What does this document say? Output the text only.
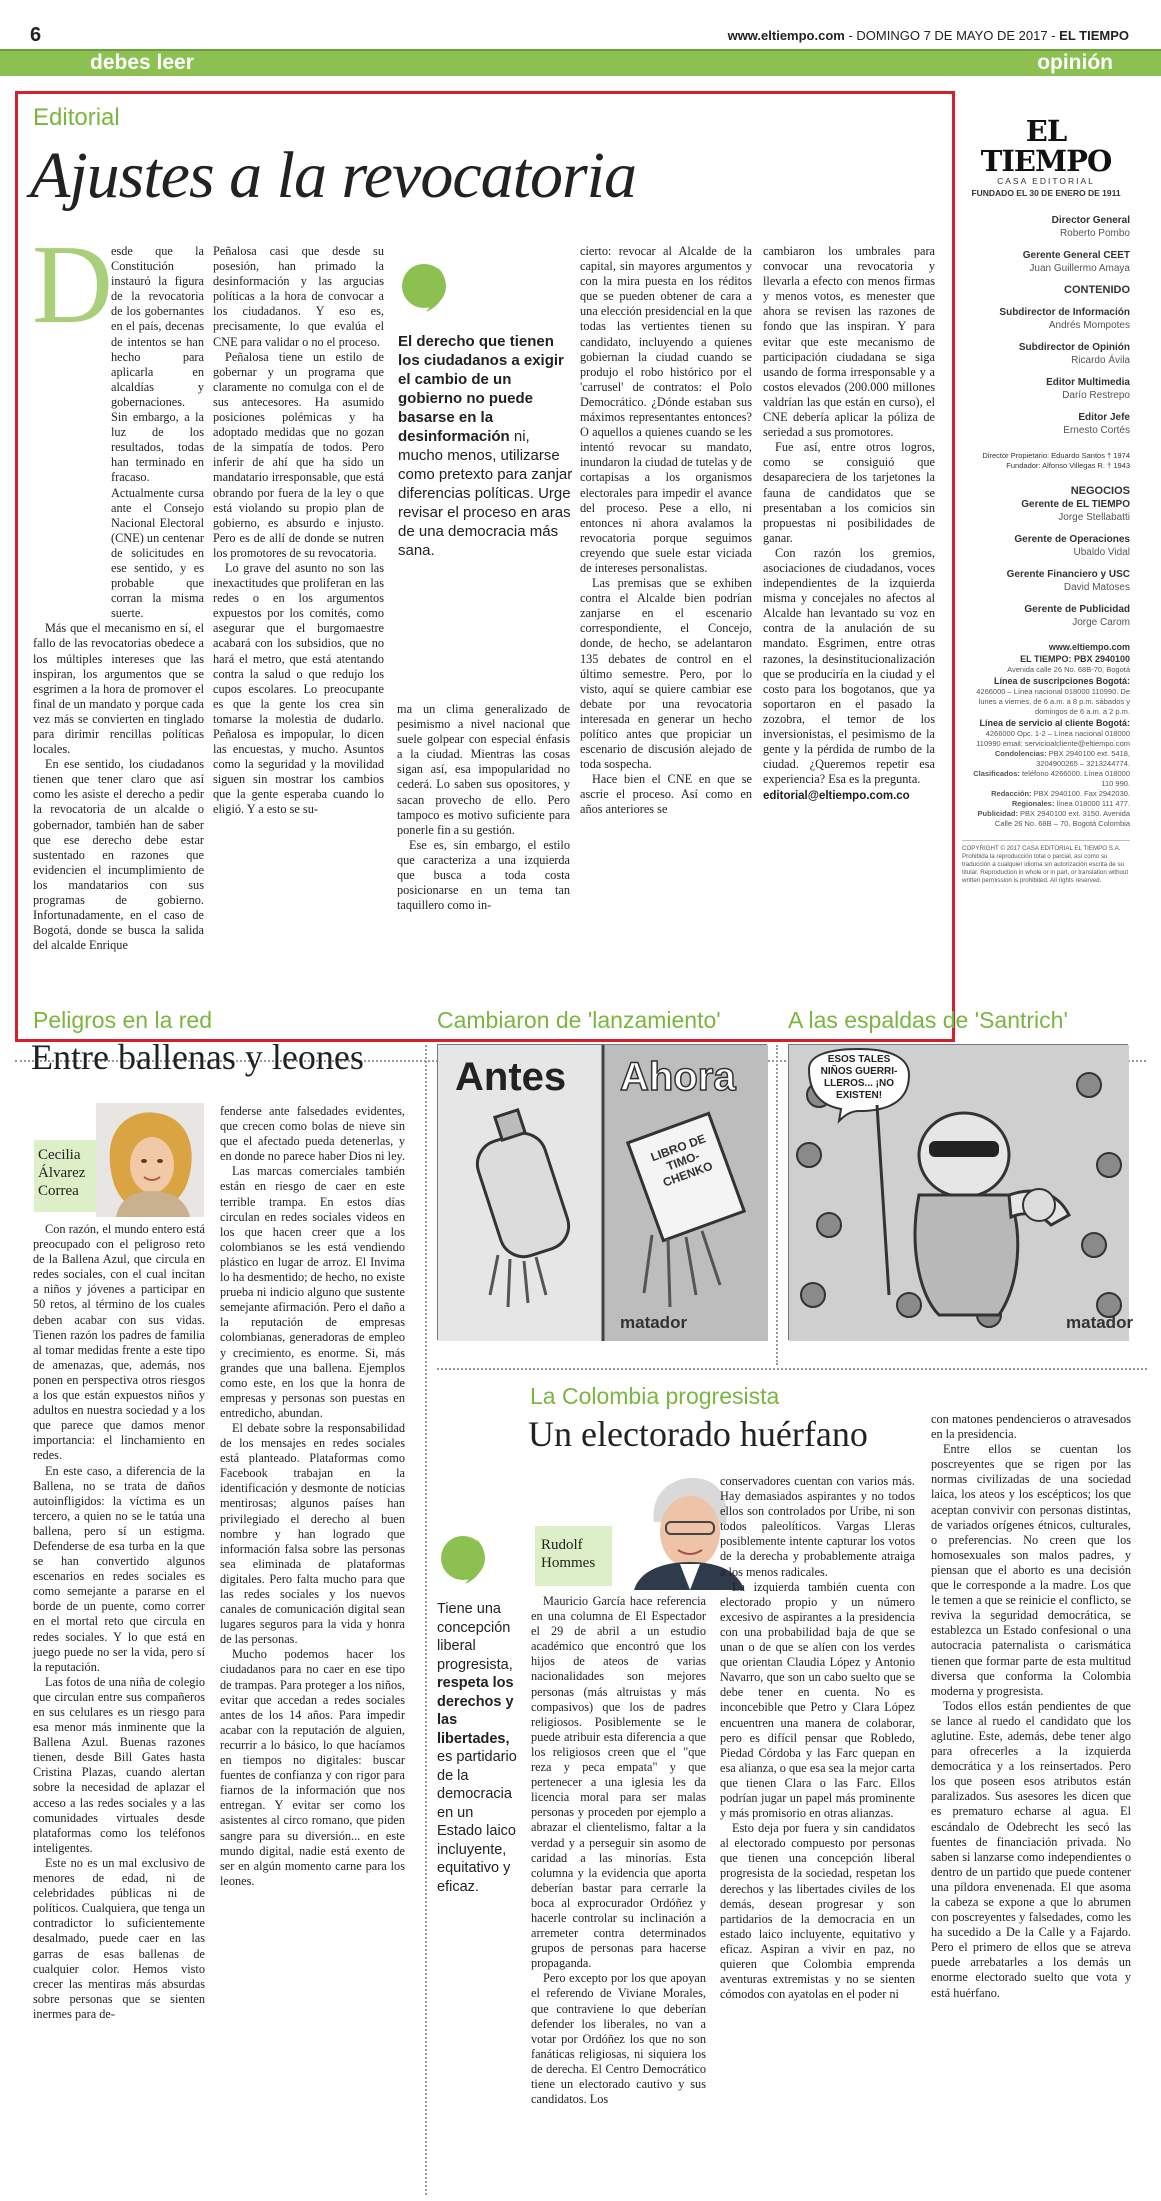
6	www.eltiempo.com - DOMINGO 7 DE MAYO DE 2017 - EL TIEMPO
debes leer	opinión
Editorial
Ajustes a la revocatoria
D

esde que la Constitución instauró la figura de la revocatoria de los gobernantes en el país, decenas de intentos se han hecho para aplicarla en alcaldías y gobernaciones. Sin embargo, a la luz de los resultados, todas han terminado en fracaso. Actualmente cursa ante el Consejo Nacional Electoral (CNE) un centenar de solicitudes en ese sentido, y es probable que corran la misma suerte.

Más que el mecanismo en sí, el fallo de las revocatorias obedece a los múltiples intereses que las inspiran, los argumentos que se esgrimen a la hora de promover el final de un mandato y porque cada vez más se convierten en tinglado para dirimir rencillas políticas locales.

En ese sentido, los ciudadanos tienen que tener claro que así como les asiste el derecho a pedir la revocatoria de un alcalde o gobernador, también han de saber que ese derecho debe estar sustentado en razones que evidencien el incumplimiento de los mandatarios con sus programas de gobierno. Infortunadamente, en el caso de Bogotá, donde se busca la salida del alcalde Enrique

Peñalosa casi que desde su posesión, han primado la desinformación y las argucias políticas a la hora de convocar a los ciudadanos. Y eso es, precisamente, lo que evalúa el CNE para validar o no el proceso.

Peñalosa tiene un estilo de gobernar y un programa que claramente no comulga con el de sus antecesores. Ha asumido posiciones polémicas y ha adoptado medidas que no gozan de la simpatía de todos. Pero inferir de ahí que ha sido un mandatario irresponsable, que está obrando por fuera de la ley o que está violando su propio plan de gobierno, es absurdo e injusto. Pero es de allí de donde se nutren los promotores de su revocatoria.

Lo grave del asunto no son las inexactitudes que proliferan en las redes o en los argumentos expuestos por los comités, como asegurar que el burgomaestre acabará con los subsidios, que no hará el metro, que está atentando contra la salud o que redujo los cupos escolares. Lo preocupante es que la gente los crea sin tomarse la molestia de dudarlo. Peñalosa es impopular, lo dicen las encuestas, y mucho. Asuntos como la seguridad y la movilidad siguen sin mostrar los cambios que la gente esperaba cuando lo eligió. Y a esto se su-

El derecho que tienen los ciudadanos a exigir el cambio de un gobierno no puede basarse en la desinformación ni, mucho menos, utilizarse como pretexto para zanjar diferencias políticas. Urge revisar el proceso en aras de una democracia más sana.

ma un clima generalizado de pesimismo a nivel nacional que suele golpear con especial énfasis a la ciudad. Mientras las cosas sigan así, esa impopularidad no cederá. Lo saben sus opositores, y sacan provecho de ello. Pero tampoco es motivo suficiente para ponerle fin a su gestión.

Ese es, sin embargo, el estilo que caracteriza a una izquierda que busca a toda costa posicionarse en un tema tan taquillero como in-

cierto: revocar al Alcalde de la capital, sin mayores argumentos y con la mira puesta en los réditos que se pueden obtener de cara a una elección presidencial en la que todas las vertientes tienen su candidato, incluyendo a quienes gobiernan la ciudad cuando se produjo el robo histórico por el 'carrusel' de contratos: el Polo Democrático. ¿Dónde estaban sus máximos representantes entonces? O aquellos a quienes cuando se les intentó revocar su mandato, inundaron la ciudad de tutelas y de cortapisas a los organismos electorales para impedir el avance del proceso. Pese a ello, ni entonces ni ahora avalamos la revocatoria porque seguimos creyendo que suele estar viciada de intereses personalistas.

Las premisas que se exhiben contra el Alcalde bien podrían zanjarse en el escenario correspondiente, el Concejo, donde, de hecho, se adelantaron 135 debates de control en el último semestre. Pero, por lo visto, aquí se quiere cambiar ese debate por una revocatoria interesada en generar un hecho político antes que propiciar un escenario de discusión alejado de toda sospecha.

Hace bien el CNE en que se ascrie el proceso. Así como en años anteriores se

cambiaron los umbrales para convocar una revocatoria y llevarla a efecto con menos firmas y menos votos, es menester que ahora se revisen las razones de fondo que las inspiran. Y para evitar que este mecanismo de participación ciudadana se siga usando de forma irresponsable y a costos elevados (200.000 millones valdrían las que están en curso), el CNE debería aplicar la póliza de seriedad a sus promotores.

Fue así, entre otros logros, como se consiguió que desapareciera de los tarjetones la fauna de candidatos que se presentaban a los comicios sin propuestas ni posibilidades de ganar.

Con razón los gremios, asociaciones de ciudadanos, voces independientes de la izquierda misma y concejales no afectos al Alcalde han levantado su voz en contra de la anulación de su mandato. Esgrimen, entre otras razones, la desinstitucionalización que se produciría en la ciudad y el costo para los bogotanos, que ya soportaron en el pasado la zozobra, el temor de los inversionistas, el pesimismo de la gente y la pérdida de rumbo de la ciudad. ¿Queremos repetir esa experiencia? Esa es la pregunta.

editorial@eltiempo.com.co

EL TIEMPO
CASA EDITORIAL
FUNDADO EL 30 DE ENERO DE 1911
Director General
Roberto Pombo
Gerente General CEET
Juan Guillermo Amaya
CONTENIDO
Subdirector de Información
Andrés Mompotes
Subdirector de Opinión
Ricardo Ávila
Editor Multimedia
Darío Restrepo
Editor Jefe
Ernesto Cortés
Director Propietario: Eduardo Santos † 1974
Fundador: Alfonso Villegas R. † 1943
NEGOCIOS
Gerente de EL TIEMPO
Jorge Stellabatti
Gerente de Operaciones
Ubaldo Vidal
Gerente Financiero y USC
David Matoses
Gerente de Publicidad
Jorge Carom
www.eltiempo.com
EL TIEMPO: PBX 2940100
Avenida calle 26 No. 68B-70, Bogotá
Línea de suscripciones Bogotá:
4266000 – Línea nacional 018000 110990. De lunes a viernes, de 6 a.m. a 8 p.m. sábados y domingos de 6 a.m. a 2 p.m.
Línea de servicio al cliente Bogotá:
4266000 Opc. 1-2 – Línea nacional 018000 110990 email: servicioalcliente@eltiempo.com
Condolencias: PBX 2940100 ext. 5418, 3204900265 – 3213244774.
Clasificados: teléfono 4266000. Línea 018000 110 990.
Redacción: PBX 2940100. Fax 2942030.
Regionales: línea 018000 111 477.
Publicidad: PBX 2940100 ext. 3150. Avenida Calle 26 No. 68B – 70, Bogotá Colombia
COPYRIGHT © 2017 CASA EDITORIAL EL TIEMPO S.A. Prohibida la reproducción total o parcial, así como su traducción a cualquier idioma sin autorización escrita de su titular. Reproduction in whole or in part, or translation without written permission is prohibited. All rights reserved.
Peligros en la red
Entre ballenas y leones
Cecilia
Álvarez
Correa

Con razón, el mundo entero está preocupado con el peligroso reto de la Ballena Azul, que circula en redes sociales, con el cual incitan a niños y jóvenes a participar en 50 retos, al término de los cuales deben acabar con sus vidas. Tienen razón los padres de familia al tomar medidas frente a este tipo de amenazas, que, además, nos ponen en perspectiva otros riesgos a los que están expuestos niños y adultos en nuestra sociedad y a los que parece que damos menor importancia: el linchamiento en redes.

En este caso, a diferencia de la Ballena, no se trata de daños autoinfligidos: la víctima es un tercero, a quien no se le tatúa una ballena, pero sí un estigma. Defenderse de esa turba en la que se han convertido algunos escenarios en redes sociales es como semejante a pararse en el borde de un puente, como correr en el mortal reto que circula en redes sociales. Y lo que está en juego puede no ser la vida, pero sí la reputación.

Las fotos de una niña de colegio que circulan entre sus compañeros en sus celulares es un riesgo para esa menor más inminente que la Ballena Azul. Buenas razones tienen, desde Bill Gates hasta Cristina Plazas, cuando alertan sobre la necesidad de aplazar el acceso a las redes sociales y a las comunidades virtuales desde plataformas como los teléfonos inteligentes.

Este no es un mal exclusivo de menores de edad, ni de celebridades públicas ni de políticos. Cualquiera, que tenga un contradictor lo suficientemente desalmado, puede caer en las garras de esas ballenas de cualquier color. Hemos visto crecer las mentiras más absurdas sobre personas que se sienten inermes para de-

fenderse ante falsedades evidentes, que crecen como bolas de nieve sin que el afectado pueda detenerlas, y en donde no parece haber Dios ni ley.

Las marcas comerciales también están en riesgo de caer en este terrible trampa. En estos días circulan en redes sociales videos en los que hacen creer que a los colombianos se les está vendiendo plástico en lugar de arroz. El Invima lo ha desmentido; de hecho, no existe prueba ni indicio alguno que sustente semejante afirmación. Pero el daño a la reputación de empresas colombianas, generadoras de empleo y crecimiento, es enorme. Si, más grandes que una ballena. Ejemplos como este, en los que la honra de empresas y personas son puestas en entredicho, abundan.

El debate sobre la responsabilidad de los mensajes en redes sociales está planteado. Plataformas como Facebook trabajan en la identificación y desmonte de noticias mentirosas; algunos países han privilegiado el derecho al buen nombre y han logrado que información falsa sobre las personas sea eliminada de plataformas digitales. Pero falta mucho para que las redes sociales y los nuevos canales de comunicación digital sean lugares seguros para la vida y honra de las personas.

Mucho podemos hacer los ciudadanos para no caer en ese tipo de trampas. Para proteger a los niños, evitar que accedan a redes sociales antes de los 14 años. Para impedir acabar con la reputación de alguien, recurrir a lo básico, lo que hacíamos en tiempos no digitales: buscar fuentes de confianza y con rigor para fiarnos de la información que nos entregan. Y evitar ser como los asistentes al circo romano, que piden sangre para su diversión... en este mundo digital, nadie está exento de ser en algún momento carne para los leones.

Cambiaron de 'lanzamiento'
Antes Ahora
LIBRO DE TIMO- CHENKO
matador
A las espaldas de 'Santrich'
ESOS TALES NIÑOS GUERRI- LLEROS... ¡NO EXISTEN!
matador
La Colombia progresista
Un electorado huérfano
Rudolf
Hommes
Tiene una concepción liberal progresista, respeta los derechos y las libertades, es partidario de la democracia en un Estado laico incluyente, equitativo y eficaz.

Mauricio García hace referencia en una columna de El Espectador el 29 de abril a un estudio académico que encontró que los hijos de ateos de varias nacionalidades son mejores personas (más altruistas y más compasivos) que los de padres religiosos. Posiblemente se le puede atribuir esta diferencia a que los religiosos creen que el "que reza y peca empata" y que pertenecer a una iglesia les da licencia moral para ser malas personas y proceden por ejemplo a abrazar el clientelismo, faltar a la verdad y a perseguir sin asomo de caridad a las minorías. Esta columna y la evidencia que aporta deberían bastar para cerrarle la boca al exprocurador Ordóñez y hacerle controlar su inclinación a arremeter contra determinados grupos de personas para hacerse propaganda.

Pero excepto por los que apoyan el referendo de Viviane Morales, que contraviene lo que deberían defender los liberales, no van a votar por Ordóñez los que no son fanáticas religiosas, ni siquiera los de derecha. El Centro Democrático tiene un electorado cautivo y sus candidatos. Los

conservadores cuentan con varios más. Hay demasiados aspirantes y no todos ellos son controlados por Uribe, ni son todos paleolíticos. Vargas Lleras posiblemente intente capturar los votos de la derecha y probablemente atraiga a los menos radicales.

La izquierda también cuenta con electorado propio y un número excesivo de aspirantes a la presidencia con una probabilidad baja de que se unan o de que se alíen con los verdes que orientan Claudia López y Antonio Navarro, que son un cabo suelto que se debe tener en cuenta. No es inconcebible que Petro y Clara López encuentren una manera de colaborar, pero es difícil pensar que Robledo, Piedad Córdoba y las Farc quepan en esa alianza, o que esa sea la mejor carta que tienen Clara o las Farc. Ellos podrían jugar un papel más prominente y más promisorio en otras alianzas.

Esto deja por fuera y sin candidatos al electorado compuesto por personas que tienen una concepción liberal progresista de la sociedad, respetan los derechos y las libertades civiles de los demás, desean progresar y son partidarios de la democracia en un estado laico incluyente, equitativo y eficaz. Aspiran a vivir en paz, no quieren que Colombia emprenda aventuras extremistas y no se sienten cómodos con ayatolas en el poder ni

con matones pendencieros o atravesados en la presidencia.

Entre ellos se cuentan los poscreyentes que se rigen por las normas civilizadas de una sociedad laica, los ateos y los escépticos; los que aceptan convivir con personas distintas, de variados orígenes étnicos, culturales, o preferencias. No creen que los homosexuales son malos padres, y piensan que el aborto es una decisión que le corresponde a la madre. Los que le temen a que se reinicie el conflicto, se reviva la seguridad democrática, se establezca un Estado confesional o una autocracia paternalista o carismática tienen que formar parte de esta multitud diversa que conforma la Colombia moderna y progresista.

Todos ellos están pendientes de que se lance al ruedo el candidato que los aglutine. Este, además, debe tener algo para ofrecerles a la izquierda democrática y a los reinsertados. Pero los que poseen esos atributos están paralizados. Sus asesores les dicen que es prematuro echarse al agua. El escándalo de Odebrecht les secó las fuentes de financiación privada. No saben si lanzarse como independientes o dentro de un partido que puede contener una píldora envenenada. El que asoma la cabeza se expone a que lo abrumen con poscreyentes y falsedades, como les ha sucedido a De la Calle y a Fajardo. Pero el primero de ellos que se atreva puede arrebatarles a los demás un enorme electorado suelto que vota y está huérfano.
